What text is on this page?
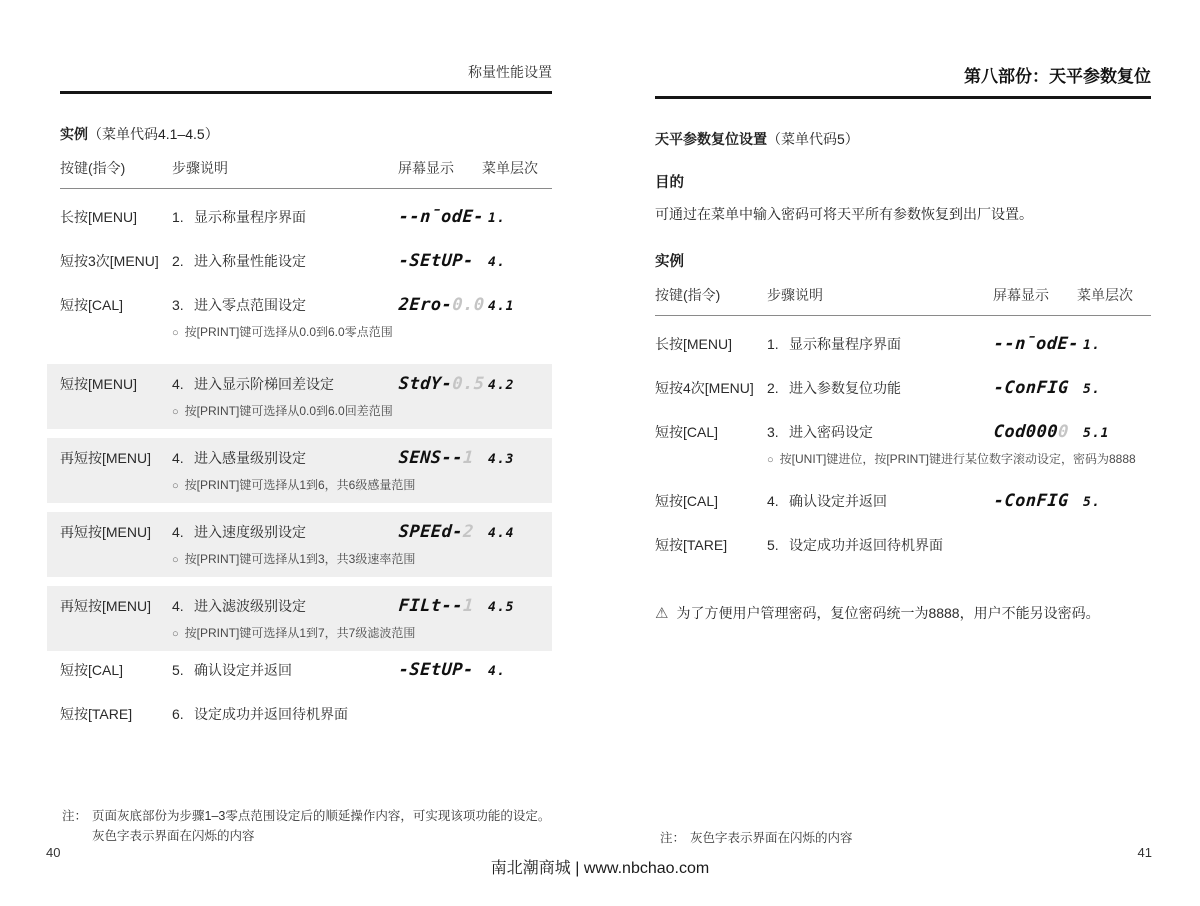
称量性能设置
实例（菜单代码4.1–4.5）
按键(指令)	步骤说明	屏幕显示	菜单层次
长按[MENU]	1. 显示称量程序界面	--n̄odE- 1.
短按3次[MENU] 2. 进入称量性能设定	-SEtUP-	4.
短按[CAL]	3. 进入零点范围设定	2Ero-0.0 4.1
○ 按[PRINT]键可选择从0.0到6.0零点范围
短按[MENU]	4. 进入显示阶梯回差设定	StdY-0.5 4.2
○ 按[PRINT]键可选择从0.0到6.0回差范围
再短按[MENU]	4. 进入感量级别设定	SENS--1	4.3
○ 按[PRINT]键可选择从1到6，共6级感量范围
再短按[MENU]	4. 进入速度级别设定	SPEEd-2	4.4
○ 按[PRINT]键可选择从1到3，共3级速率范围
再短按[MENU]	4. 进入滤波级别设定	FILt--1	4.5
○ 按[PRINT]键可选择从1到7，共7级滤波范围
短按[CAL]	5. 确认设定并返回	-SEtUP-	4.
短按[TARE]	6. 设定成功并返回待机界面
第八部份：天平参数复位
天平参数复位设置（菜单代码5）
目的
可通过在菜单中输入密码可将天平所有参数恢复到出厂设置。
实例
按键(指令)	步骤说明	屏幕显示	菜单层次
长按[MENU]	1. 显示称量程序界面	--n̄odE- 1.
短按4次[MENU] 2. 进入参数复位功能	-ConFIG	5.
短按[CAL]	3. 进入密码设定	Cod0000	5.1
○ 按[UNIT]键进位，按[PRINT]键进行某位数字滚动设定，密码为8888
短按[CAL]	4. 确认设定并返回	-ConFIG	5.
短按[TARE]	5. 设定成功并返回待机界面
⚠ 为了方便用户管理密码，复位密码统一为8888，用户不能另设密码。
注： 页面灰底部份为步骤1–3零点范围设定后的顺延操作内容，可实现该项功能的设定。
灰色字表示界面在闪烁的内容	注： 灰色字表示界面在闪烁的内容
40	41
南北潮商城 | www.nbchao.com
